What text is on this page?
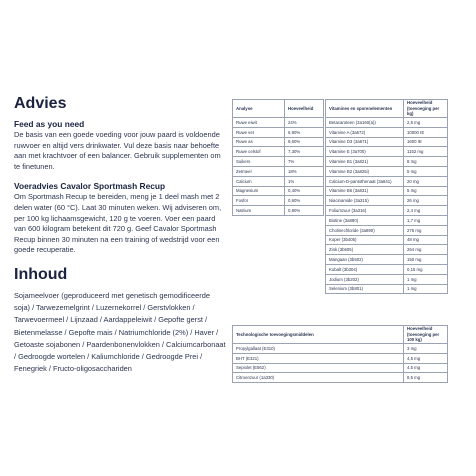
Advies
Feed as you need
De basis van een goede voeding voor jouw paard is voldoende ruwvoer en altijd vers drinkwater. Vul deze basis naar behoefte aan met krachtvoer of een balancer. Gebruik supplementen om te finetunen.
Voeradvies Cavalor Sportmash Recup
Om Sportmash Recup te bereiden, meng je 1 deel mash met 2 delen water (60 °C). Laat 30 minuten weken. Wij adviseren om, per 100 kg lichaamsgewicht, 120 g te voeren. Voer een paard van 600 kilogram betekent dit 720 g. Geef Cavalor Sportmash Recup binnen 30 minuten na een training of wedstrijd voor een goede recuperatie.
Inhoud
Sojameelvoer (geproduceerd met genetisch gemodificeerde soja) / Tarwezemelgrint / Luzernekorrel / Gerstvlokken / Tarwevoermeel / Lijnzaad / Aardappeleiwit / Gepofte gerst / Bietenmelasse / Gepofte mais / Natriumchloride (2%) / Haver / Getoaste sojabonen / Paardenbonenvlokken / Calciumcarbonaat / Gedroogde wortelen / Kaliumchloride / Gedroogde Prei / Fenegriek / Fructo-oligosacchariden
Analyse	Hoeveelheid
Ruwe eiwit	24%
Ruwe vet	6,90%
Ruwe as	9,60%
Ruwe celstof	7,30%
Suikers	7%
Zetmeel	18%
Calcium	1%
Magnesium	0,40%
Fosfor	0,60%
Natrium	0,80%
Vitamines en sporenelementen	Hoeveelheid (toevoeging per kg)
Betacaroteen (3a160(a))	2,6 mg
Vitamine A (3a672)	10000 IE
Vitamine D3 (3a671)	1600 IE
Vitamine E (3a700)	1152 mg
Vitamine B1 (3a821)	8 mg
Vitamine B2 (3a825i)	5 mg
Calcium-D-pantothenaat (3a841)	20 mg
Vitamine B6 (3a831)	5 mg
Niacinamide (3a315)	26 mg
Foliumzuur (3a316)	2,4 mg
Biotine (3a880)	1,7 mg
Cholinechloride (3a890)	276 mg
Koper (3b405)	48 mg
Zink (3b605)	264 mg
Mangaan (3b502)	150 mg
Kobalt (3b304)	0,15 mg
Jodium (3b202)	1 mg
Selenium (3b801)	1 mg
Technologische toevoegingsmiddelen	Hoeveelheid (toevoeging per 100 kg)
Propylgallaat (E310)	3 mg
BHT (E321)	4,5 mg
Sepiolet (E562)	4,5 mg
Citroenzuur (1a330)	8,5 mg
